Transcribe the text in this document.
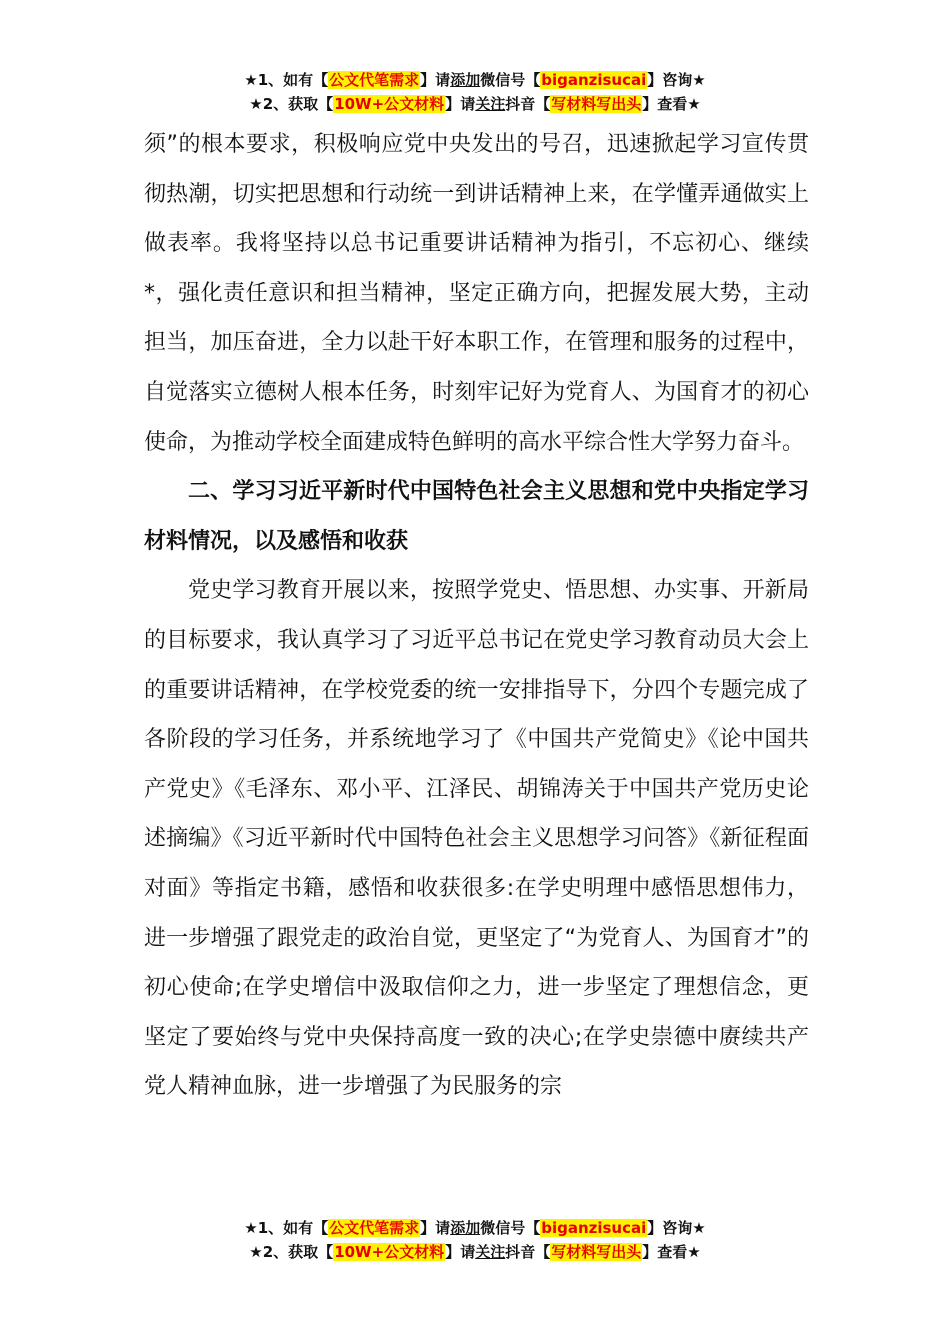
★1、如有【公文代笔需求】请添加微信号【biganzisucai】咨询★
★2、获取【10W+公文材料】请关注抖音【写材料写出头】查看★

须”的根本要求，积极响应党中央发出的号召，迅速掀起学习宣传贯彻热潮，切实把思想和行动统一到讲话精神上来，在学懂弄通做实上做表率。我将坚持以总书记重要讲话精神为指引，不忘初心、继续*，强化责任意识和担当精神，坚定正确方向，把握发展大势，主动担当，加压奋进，全力以赴干好本职工作，在管理和服务的过程中，自觉落实立德树人根本任务，时刻牢记好为党育人、为国育才的初心使命，为推动学校全面建成特色鲜明的高水平综合性大学努力奋斗。

二、学习习近平新时代中国特色社会主义思想和党中央指定学习材料情况，以及感悟和收获

党史学习教育开展以来，按照学党史、悟思想、办实事、开新局的目标要求，我认真学习了习近平总书记在党史学习教育动员大会上的重要讲话精神，在学校党委的统一安排指导下，分四个专题完成了各阶段的学习任务，并系统地学习了《中国共产党简史》《论中国共产党史》《毛泽东、邓小平、江泽民、胡锦涛关于中国共产党历史论述摘编》《习近平新时代中国特色社会主义思想学习问答》《新征程面对面》等指定书籍，感悟和收获很多:在学史明理中感悟思想伟力，进一步增强了跟党走的政治自觉，更坚定了“为党育人、为国育才”的初心使命;在学史增信中汲取信仰之力，进一步坚定了理想信念，更坚定了要始终与党中央保持高度一致的决心;在学史崇德中赓续共产党人精神血脉，进一步增强了为民服务的宗

★1、如有【公文代笔需求】请添加微信号【biganzisucai】咨询★
★2、获取【10W+公文材料】请关注抖音【写材料写出头】查看★
